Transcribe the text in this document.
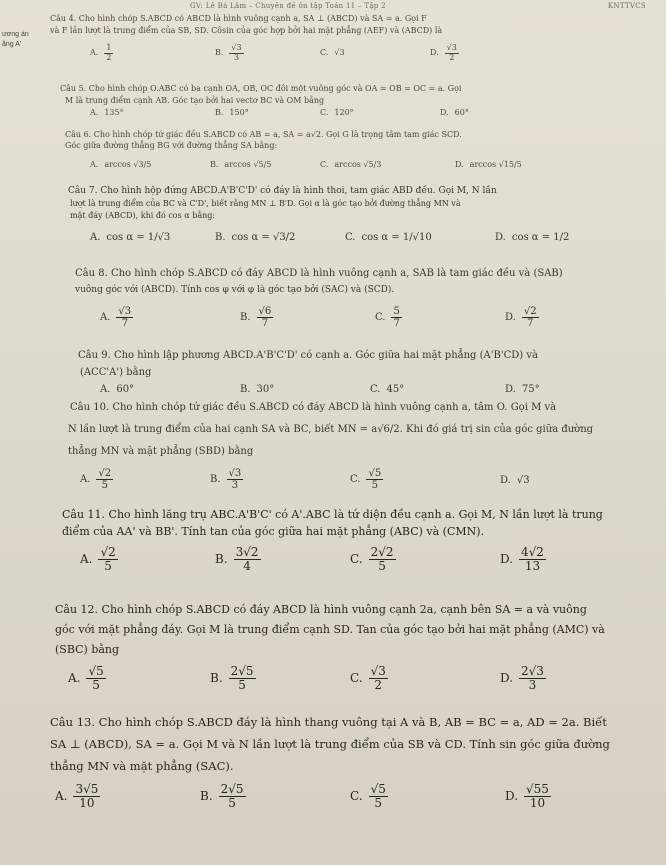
GV: Lê Bá Lâm – Chuyên đề ôn tập Toán 11 – Tập 2	KNTTVCS
ương án
ăng A'
Câu 4. Cho hình chóp S.ABCD có ABCD là hình vuông cạnh a, SA ⊥ (ABCD) và SA = a. Gọi F
và F lần lượt là trung điểm của SB, SD. Côsin của góc hợp bởi hai mặt phẳng (AEF) và (ABCD) là
A. $\frac{1}{2}$	B. $\frac{√3}{3}$	C. √3	D. $\frac{√3}{2}$
Câu 5. Cho hình chóp O.ABC có ba cạnh OA, OB, OC đôi một vuông góc và OA = OB = OC = a. Gọi
M là trung điểm cạnh AB. Góc tạo bởi hai vectơ BC và OM bằng
A. 135°	B. 150°	C. 120°	D. 60°
Câu 6. Cho hình chóp tứ giác đều S.ABCD có AB = a, SA = a√2. Gọi G là trọng tâm tam giác SCD.
Góc giữa đường thẳng BG với đường thẳng SA bằng:
A. arccos √3/5	B. arccos √5/5	C. arccos √5/3	D. arccos √15/5
Câu 7. Cho hình hộp đứng ABCD.A'B'C'D' có đáy là hình thoi, tam giác ABD đều. Gọi M, N lần
lượt là trung điểm của BC và C'D', biết rằng MN ⊥ B'D. Gọi α là góc tạo bởi đường thẳng MN và
mặt đáy (ABCD), khi đó cos α bằng:
A. cos α = 1/√3	B. cos α = √3/2	C. cos α = 1/√10	D. cos α = 1/2
Câu 8. Cho hình chóp S.ABCD có đáy ABCD là hình vuông cạnh a, SAB là tam giác đều và (SAB)
vuông góc với (ABCD). Tính cos φ với φ là góc tạo bởi (SAC) và (SCD).
A. $\frac{√3}{7}$	B. $\frac{√6}{7}$	C. $\frac{5}{7}$	D. $\frac{√2}{7}$
Câu 9. Cho hình lập phương ABCD.A'B'C'D' có cạnh a. Góc giữa hai mặt phẳng (A'B'CD) và
(ACC'A') bằng
A. 60°	B. 30°	C. 45°	D. 75°
Câu 10. Cho hình chóp tứ giác đều S.ABCD có đáy ABCD là hình vuông cạnh a, tâm O. Gọi M và
N lần lượt là trung điểm của hai cạnh SA và BC, biết MN = a√6/2. Khi đó giá trị sin của góc giữa đường
thẳng MN và mặt phẳng (SBD) bằng
A. $\frac{√2}{5}$	B. $\frac{√3}{3}$	C. $\frac{√5}{5}$	D. √3
Câu 11. Cho hình lăng trụ ABC.A'B'C' có A'.ABC là tứ diện đều cạnh a. Gọi M, N lần lượt là trung
điểm của AA' và BB'. Tính tan của góc giữa hai mặt phẳng (ABC) và (CMN).
A. $\frac{√2}{5}$	B. $\frac{3√2}{4}$	C. $\frac{2√2}{5}$	D. $\frac{4√2}{13}$
Câu 12. Cho hình chóp S.ABCD có đáy ABCD là hình vuông cạnh 2a, cạnh bên SA = a và vuông
góc với mặt phẳng đáy. Gọi M là trung điểm cạnh SD. Tan của góc tạo bởi hai mặt phẳng (AMC) và
(SBC) bằng
A. $\frac{√5}{5}$	B. $\frac{2√5}{5}$	C. $\frac{√3}{2}$	D. $\frac{2√3}{3}$
Câu 13. Cho hình chóp S.ABCD đáy là hình thang vuông tại A và B, AB = BC = a, AD = 2a. Biết
SA ⊥ (ABCD), SA = a. Gọi M và N lần lượt là trung điểm của SB và CD. Tính sin góc giữa đường
thẳng MN và mặt phẳng (SAC).
A. $\frac{3√5}{10}$	B. $\frac{2√5}{5}$	C. $\frac{√5}{5}$	D. $\frac{√55}{10}$
